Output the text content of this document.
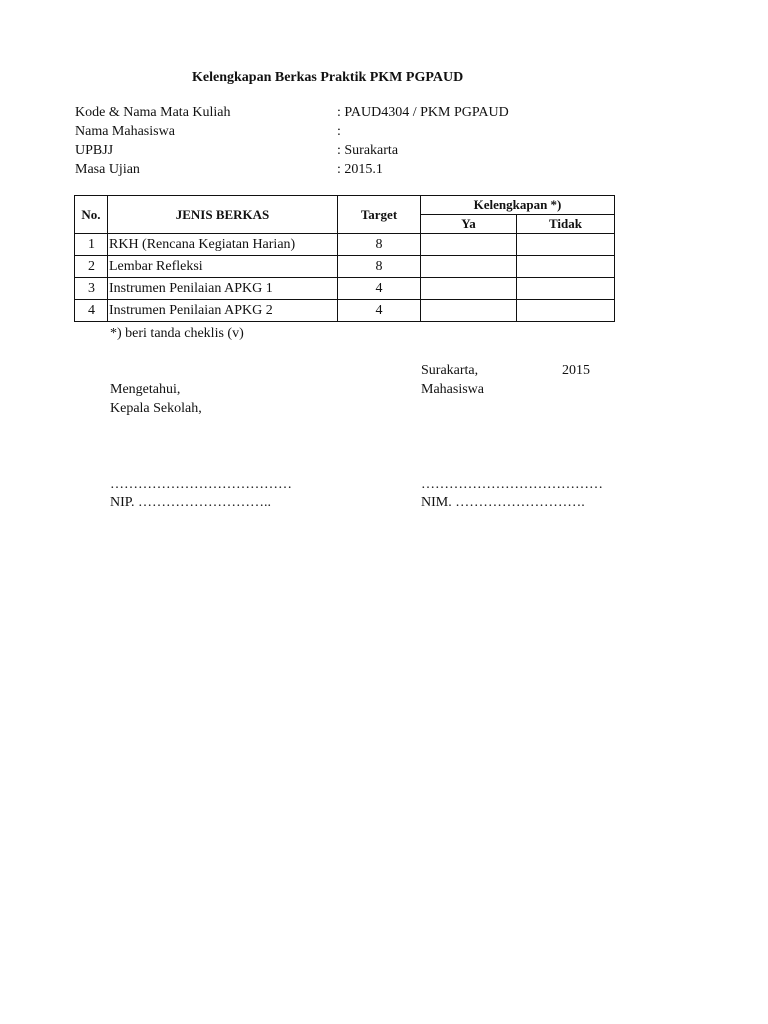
Kelengkapan Berkas Praktik PKM PGPAUD
Kode & Nama Mata Kuliah	: PAUD4304 / PKM PGPAUD
Nama Mahasiswa	:
UPBJJ	: Surakarta
Masa Ujian	: 2015.1
No.	JENIS BERKAS	Target	Kelengkapan *)	
			Ya	Tidak
1	RKH (Rencana Kegiatan Harian)	8		
2	Lembar Refleksi	8		
3	Instrumen Penilaian APKG 1	4		
4	Instrumen Penilaian APKG 2	4		
*) beri tanda cheklis (v)
Surakarta,	2015
Mahasiswa
Mengetahui,
Kepala Sekolah,
…………………………………	…………………………………
NIP. ………………………..	NIM. ……………………….
